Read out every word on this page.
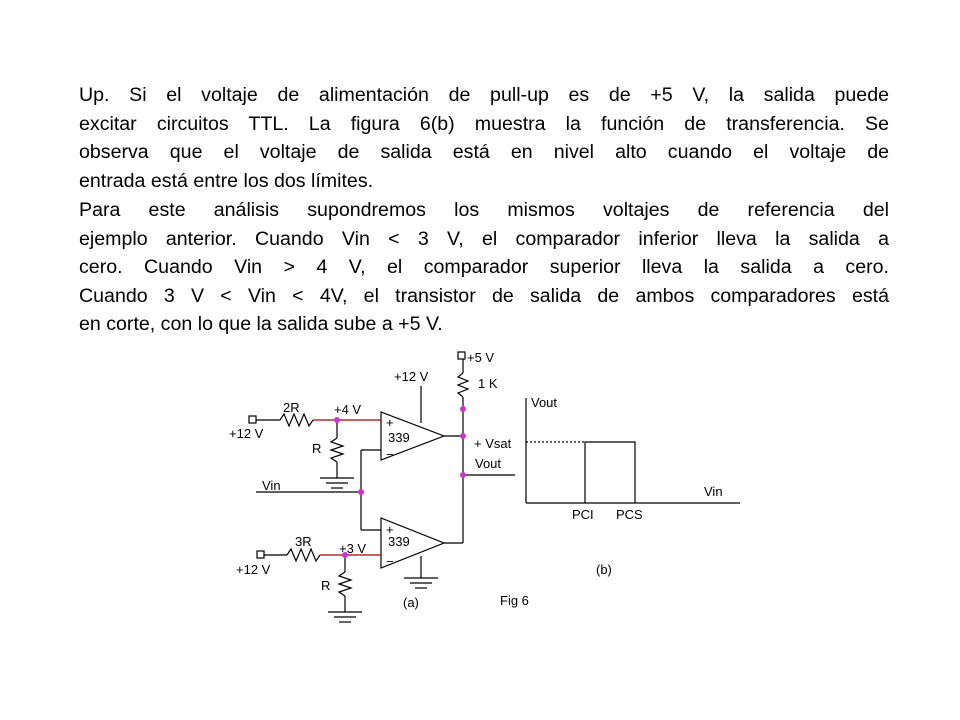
Up. Si el voltaje de alimentación de pull-up es de +5 V, la salida puede
excitar circuitos TTL. La figura 6(b) muestra la función de transferencia. Se
observa que el voltaje de salida está en nivel alto cuando el voltaje de
entrada está entre los dos límites.
Para este análisis supondremos los mismos voltajes de referencia del
ejemplo anterior. Cuando Vin < 3 V, el comparador inferior lleva la salida a
cero. Cuando Vin > 4 V, el comparador superior lleva la salida a cero.
Cuando 3 V < Vin < 4V, el transistor de salida de ambos comparadores está
en corte, con lo que la salida sube a +5 V.
+5 V
1 K
+12 V
2R
+12 V
+4 V
R
+
339
−
Vin
Vout
3R
+12 V
+3 V
R
+
339
−
(a)
Vout
Vin
+ Vsat
PCI PCS
(b)
Fig 6
